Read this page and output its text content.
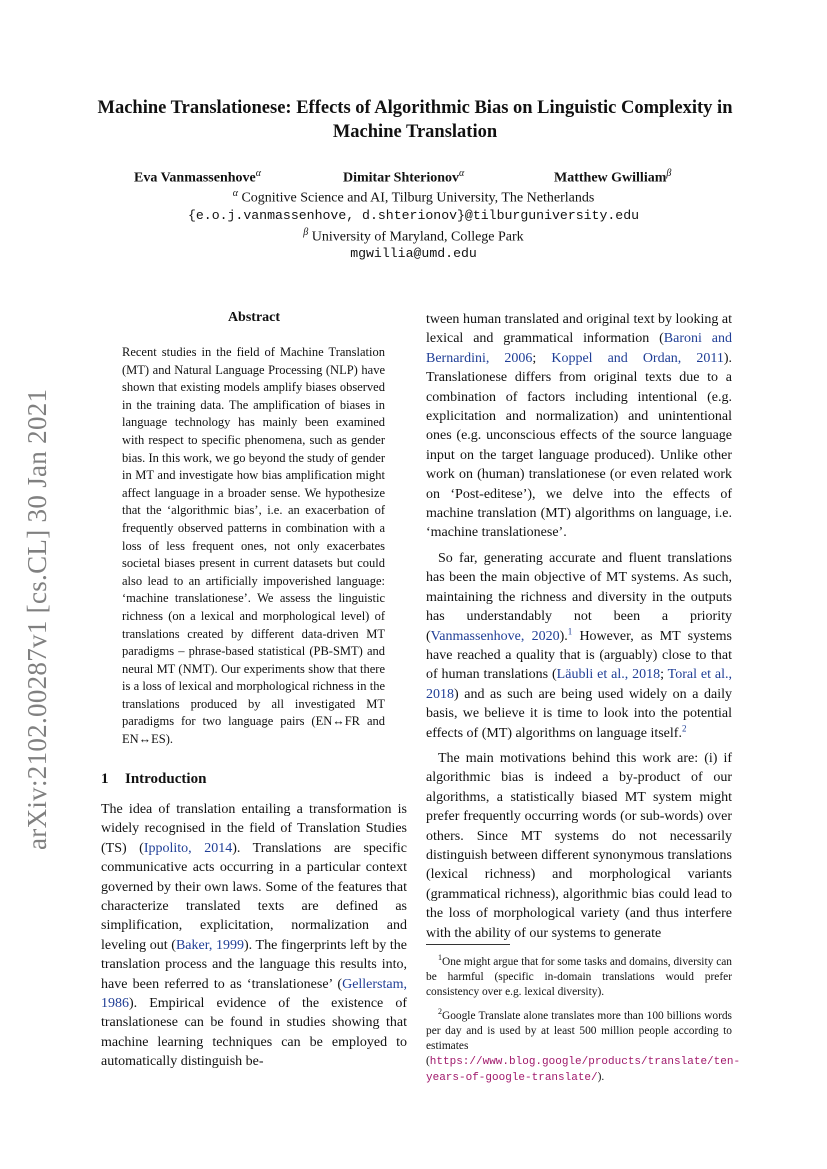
arXiv:2102.00287v1 [cs.CL] 30 Jan 2021
Machine Translationese: Effects of Algorithmic Bias on Linguistic Complexity in Machine Translation
Eva Vanmassenhove$^\alpha$	Dimitar Shterionov$^\alpha$	Matthew Gwilliam$^\beta$
$^\alpha$ Cognitive Science and AI, Tilburg University, The Netherlands
{e.o.j.vanmassenhove, d.shterionov}@tilburguniversity.edu
$^\beta$ University of Maryland, College Park
mgwillia@umd.edu
Abstract
Recent studies in the field of Machine Translation (MT) and Natural Language Processing (NLP) have shown that existing models amplify biases observed in the training data. The amplification of biases in language technology has mainly been examined with respect to specific phenomena, such as gender bias. In this work, we go beyond the study of gender in MT and investigate how bias amplification might affect language in a broader sense. We hypothesize that the ‘algorithmic bias’, i.e. an exacerbation of frequently observed patterns in combination with a loss of less frequent ones, not only exacerbates societal biases present in current datasets but could also lead to an artificially impoverished language: ‘machine translationese’. We assess the linguistic richness (on a lexical and morphological level) of translations created by different data-driven MT paradigms – phrase-based statistical (PB-SMT) and neural MT (NMT). Our experiments show that there is a loss of lexical and morphological richness in the translations produced by all investigated MT paradigms for two language pairs (EN↔FR and EN↔ES).
1 Introduction

The idea of translation entailing a transformation is widely recognised in the field of Translation Studies (TS) (Ippolito, 2014). Translations are specific communicative acts occurring in a particular context governed by their own laws. Some of the features that characterize translated texts are defined as simplification, explicitation, normalization and leveling out (Baker, 1999). The fingerprints left by the translation process and the language this results into, have been referred to as ‘translationese’ (Gellerstam, 1986). Empirical evidence of the existence of translationese can be found in studies showing that machine learning techniques can be employed to automatically distinguish be-

tween human translated and original text by looking at lexical and grammatical information (Baroni and Bernardini, 2006; Koppel and Ordan, 2011). Translationese differs from original texts due to a combination of factors including intentional (e.g. explicitation and normalization) and unintentional ones (e.g. unconscious effects of the source language input on the target language produced). Unlike other work on (human) translationese (or even related work on ‘Post-editese’), we delve into the effects of machine translation (MT) algorithms on language, i.e. ‘machine translationese’.

So far, generating accurate and fluent translations has been the main objective of MT systems. As such, maintaining the richness and diversity in the outputs has understandably not been a priority (Vanmassenhove, 2020).$^1$ However, as MT systems have reached a quality that is (arguably) close to that of human translations (Läubli et al., 2018; Toral et al., 2018) and as such are being used widely on a daily basis, we believe it is time to look into the potential effects of (MT) algorithms on language itself.$^2$

The main motivations behind this work are: (i) if algorithmic bias is indeed a by-product of our algorithms, a statistically biased MT system might prefer frequently occurring words (or sub-words) over others. Since MT systems do not necessarily distinguish between different synonymous translations (lexical richness) and morphological variants (grammatical richness), algorithmic bias could lead to the loss of morphological variety (and thus interfere with the ability of our systems to generate

$^1$One might argue that for some tasks and domains, diversity can be harmful (specific in-domain translations would prefer consistency over e.g. lexical diversity).

$^2$Google Translate alone translates more than 100 billions words per day and is used by at least 500 million people according to estimates (https://www.blog.google/products/translate/ten-years-of-google-translate/).
